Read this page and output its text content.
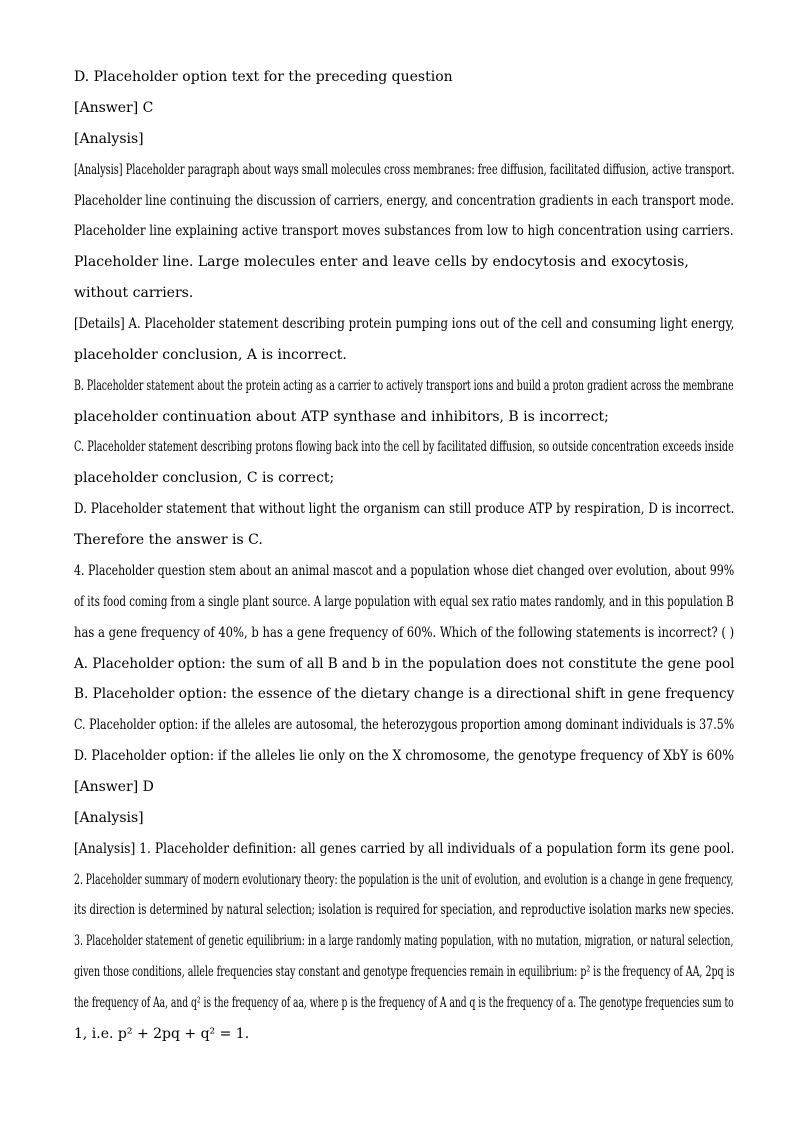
D. Placeholder option text for the preceding question

[Answer] C

[Analysis]

[Analysis] Placeholder paragraph about ways small molecules cross membranes: free diffusion, facilitated diffusion, active transport.

Placeholder line continuing the discussion of carriers, energy, and concentration gradients in each transport mode.

Placeholder line explaining active transport moves substances from low to high concentration using carriers.

Placeholder line. Large molecules enter and leave cells by endocytosis and exocytosis,

without carriers.

[Details] A. Placeholder statement describing protein pumping ions out of the cell and consuming light energy,

placeholder conclusion, A is incorrect.

B. Placeholder statement about the protein acting as a carrier to actively transport ions and build a proton gradient across the membrane

placeholder continuation about ATP synthase and inhibitors, B is incorrect;

C. Placeholder statement describing protons flowing back into the cell by facilitated diffusion, so outside concentration exceeds inside

placeholder conclusion, C is correct;

D. Placeholder statement that without light the organism can still produce ATP by respiration, D is incorrect.

Therefore the answer is C.

4. Placeholder question stem about an animal mascot and a population whose diet changed over evolution, about 99%

of its food coming from a single plant source. A large population with equal sex ratio mates randomly, and in this population B

has a gene frequency of 40%, b has a gene frequency of 60%. Which of the following statements is incorrect? ( )

A. Placeholder option: the sum of all B and b in the population does not constitute the gene pool

B. Placeholder option: the essence of the dietary change is a directional shift in gene frequency

C. Placeholder option: if the alleles are autosomal, the heterozygous proportion among dominant individuals is 37.5%

D. Placeholder option: if the alleles lie only on the X chromosome, the genotype frequency of XbY is 60%

[Answer] D

[Analysis]

[Analysis] 1. Placeholder definition: all genes carried by all individuals of a population form its gene pool.

2. Placeholder summary of modern evolutionary theory: the population is the unit of evolution, and evolution is a change in gene frequency,

its direction is determined by natural selection; isolation is required for speciation, and reproductive isolation marks new species.

3. Placeholder statement of genetic equilibrium: in a large randomly mating population, with no mutation, migration, or natural selection,

given those conditions, allele frequencies stay constant and genotype frequencies remain in equilibrium: p² is the frequency of AA, 2pq is

the frequency of Aa, and q² is the frequency of aa, where p is the frequency of A and q is the frequency of a. The genotype frequencies sum to

1, i.e. p² + 2pq + q² = 1.
